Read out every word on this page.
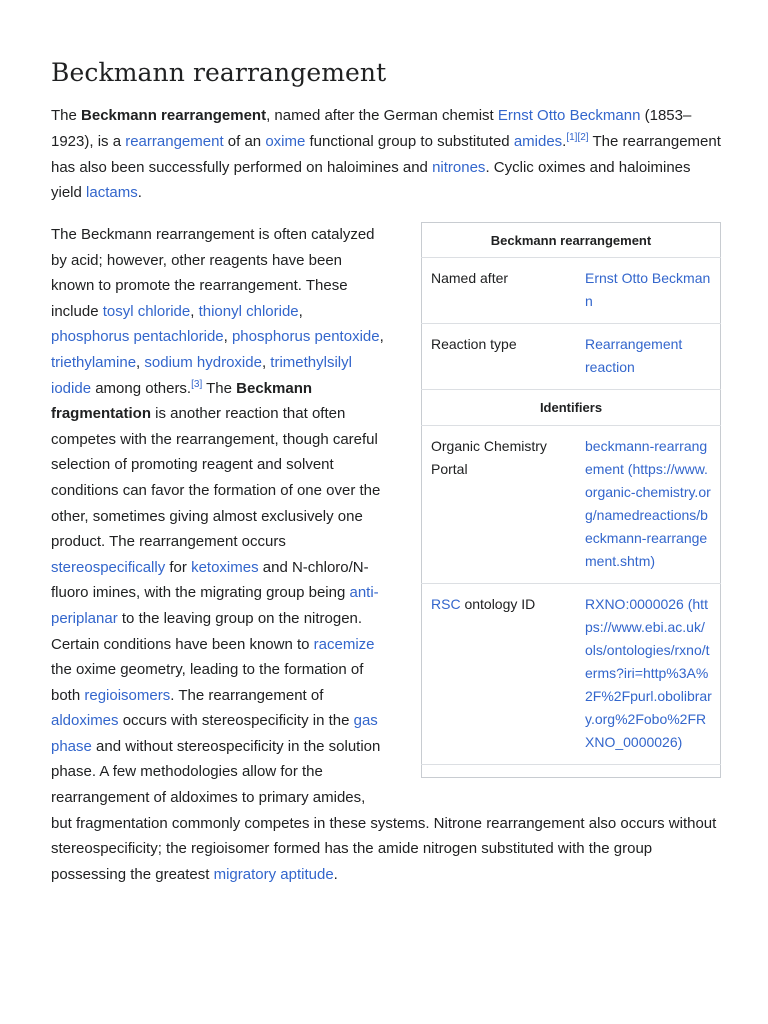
Beckmann rearrangement

The Beckmann rearrangement, named after the German chemist Ernst Otto Beckmann (1853–1923), is a rearrangement of an oxime functional group to substituted amides.[1][2] The rearrangement has also been successfully performed on haloimines and nitrones. Cyclic oximes and haloimines yield lactams.

Beckmann rearrangement	
Named after	Ernst Otto Beckmann
Reaction type	Rearrangement reaction
Identifiers	
Organic Chemistry Portal	beckmann-rearrangement (https://www.organic-chemistry.org/namedreactions/beckmann-rearrangement.shtm)
RSC ontology ID	RXNO:0000026 (https://www.ebi.ac.uk/ols/ontologies/rxno/terms?iri=http%3A%2F%2Fpurl.obolibrary.org%2Fobo%2FRXNO_0000026)

The Beckmann rearrangement is often catalyzed by acid; however, other reagents have been known to promote the rearrangement. These include tosyl chloride, thionyl chloride, phosphorus pentachloride, phosphorus pentoxide, triethylamine, sodium hydroxide, trimethylsilyl iodide among others.[3] The Beckmann fragmentation is another reaction that often competes with the rearrangement, though careful selection of promoting reagent and solvent conditions can favor the formation of one over the other, sometimes giving almost exclusively one product. The rearrangement occurs stereospecifically for ketoximes and N-chloro/N-fluoro imines, with the migrating group being anti-periplanar to the leaving group on the nitrogen. Certain conditions have been known to racemize the oxime geometry, leading to the formation of both regioisomers. The rearrangement of aldoximes occurs with stereospecificity in the gas phase and without stereospecificity in the solution phase. A few methodologies allow for the rearrangement of aldoximes to primary amides, but fragmentation commonly competes in these systems. Nitrone rearrangement also occurs without stereospecificity; the regioisomer formed has the amide nitrogen substituted with the group possessing the greatest migratory aptitude.
